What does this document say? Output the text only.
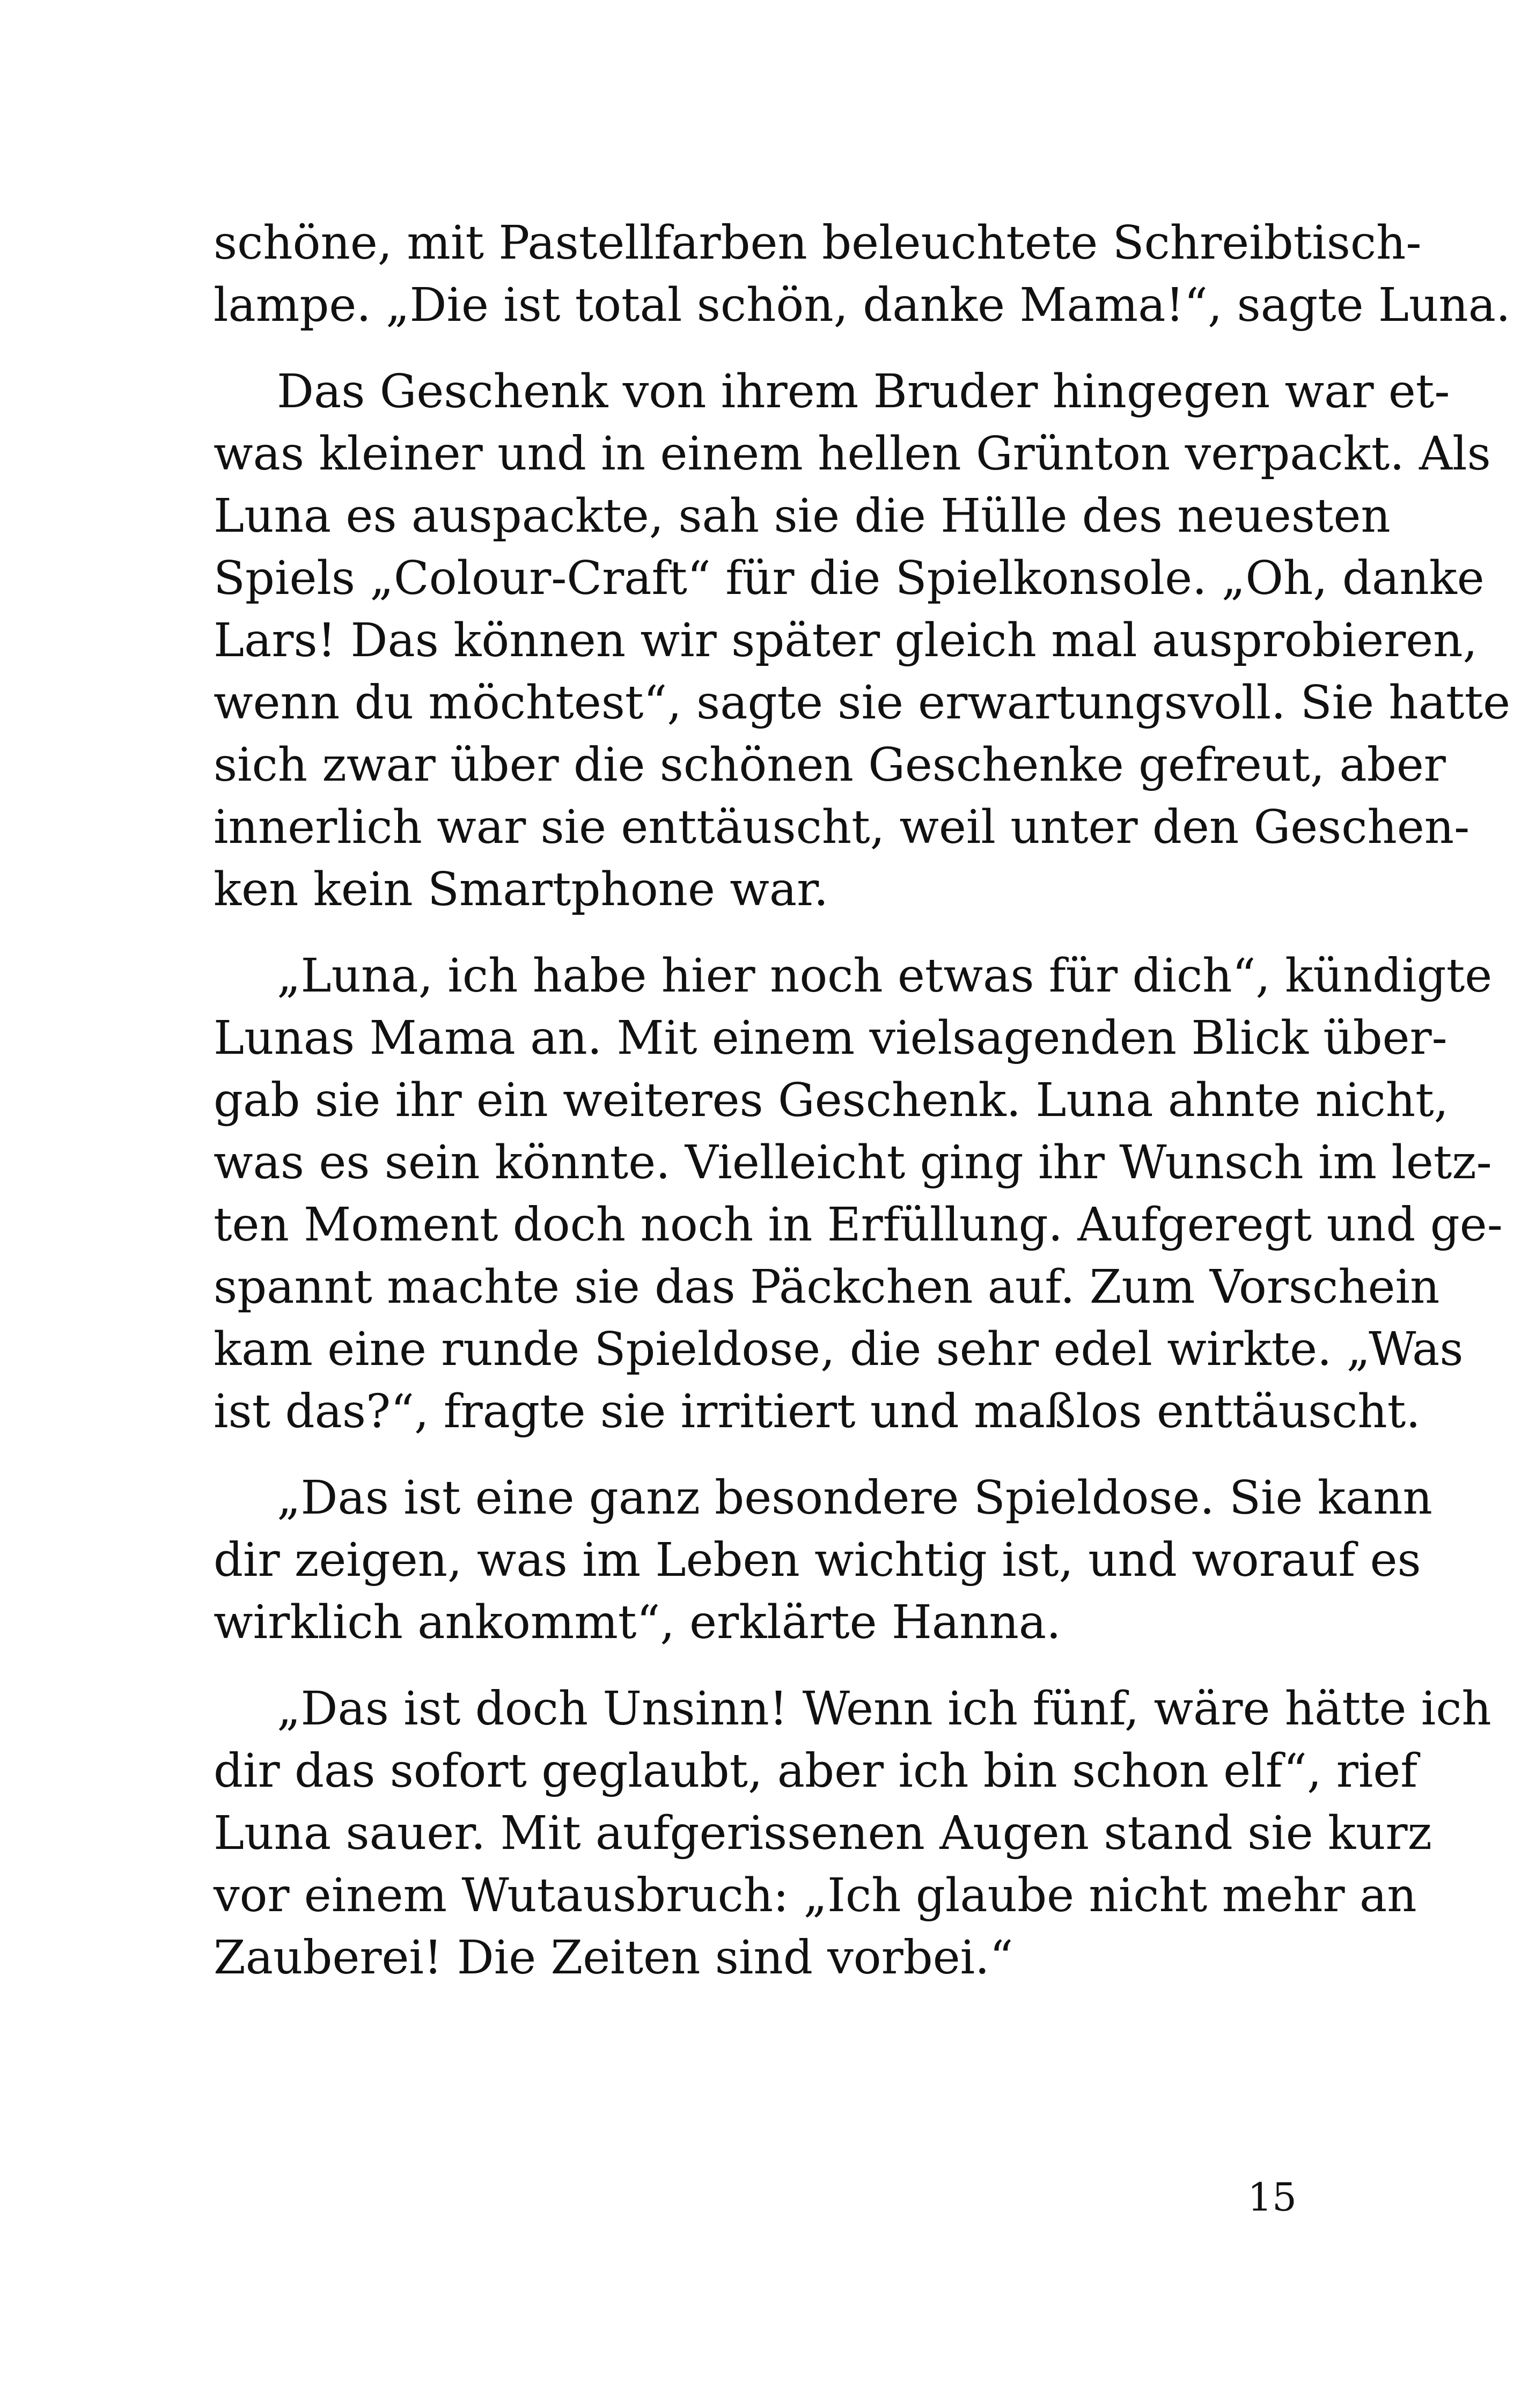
schöne, mit Pastellfarben beleuchtete Schreibtisch-
lampe. „Die ist total schön, danke Mama!“, sagte Luna.
Das Geschenk von ihrem Bruder hingegen war et-
was kleiner und in einem hellen Grünton verpackt. Als
Luna es auspackte, sah sie die Hülle des neuesten
Spiels „Colour-Craft“ für die Spielkonsole. „Oh, danke
Lars! Das können wir später gleich mal ausprobieren,
wenn du möchtest“, sagte sie erwartungsvoll. Sie hatte
sich zwar über die schönen Geschenke gefreut, aber
innerlich war sie enttäuscht, weil unter den Geschen-
ken kein Smartphone war.
„Luna, ich habe hier noch etwas für dich“, kündigte
Lunas Mama an. Mit einem vielsagenden Blick über-
gab sie ihr ein weiteres Geschenk. Luna ahnte nicht,
was es sein könnte. Vielleicht ging ihr Wunsch im letz-
ten Moment doch noch in Erfüllung. Aufgeregt und ge-
spannt machte sie das Päckchen auf. Zum Vorschein
kam eine runde Spieldose, die sehr edel wirkte. „Was
ist das?“, fragte sie irritiert und maßlos enttäuscht.
„Das ist eine ganz besondere Spieldose. Sie kann
dir zeigen, was im Leben wichtig ist, und worauf es
wirklich ankommt“, erklärte Hanna.
„Das ist doch Unsinn! Wenn ich fünf, wäre hätte ich
dir das sofort geglaubt, aber ich bin schon elf“, rief
Luna sauer. Mit aufgerissenen Augen stand sie kurz
vor einem Wutausbruch: „Ich glaube nicht mehr an
Zauberei! Die Zeiten sind vorbei.“
15
